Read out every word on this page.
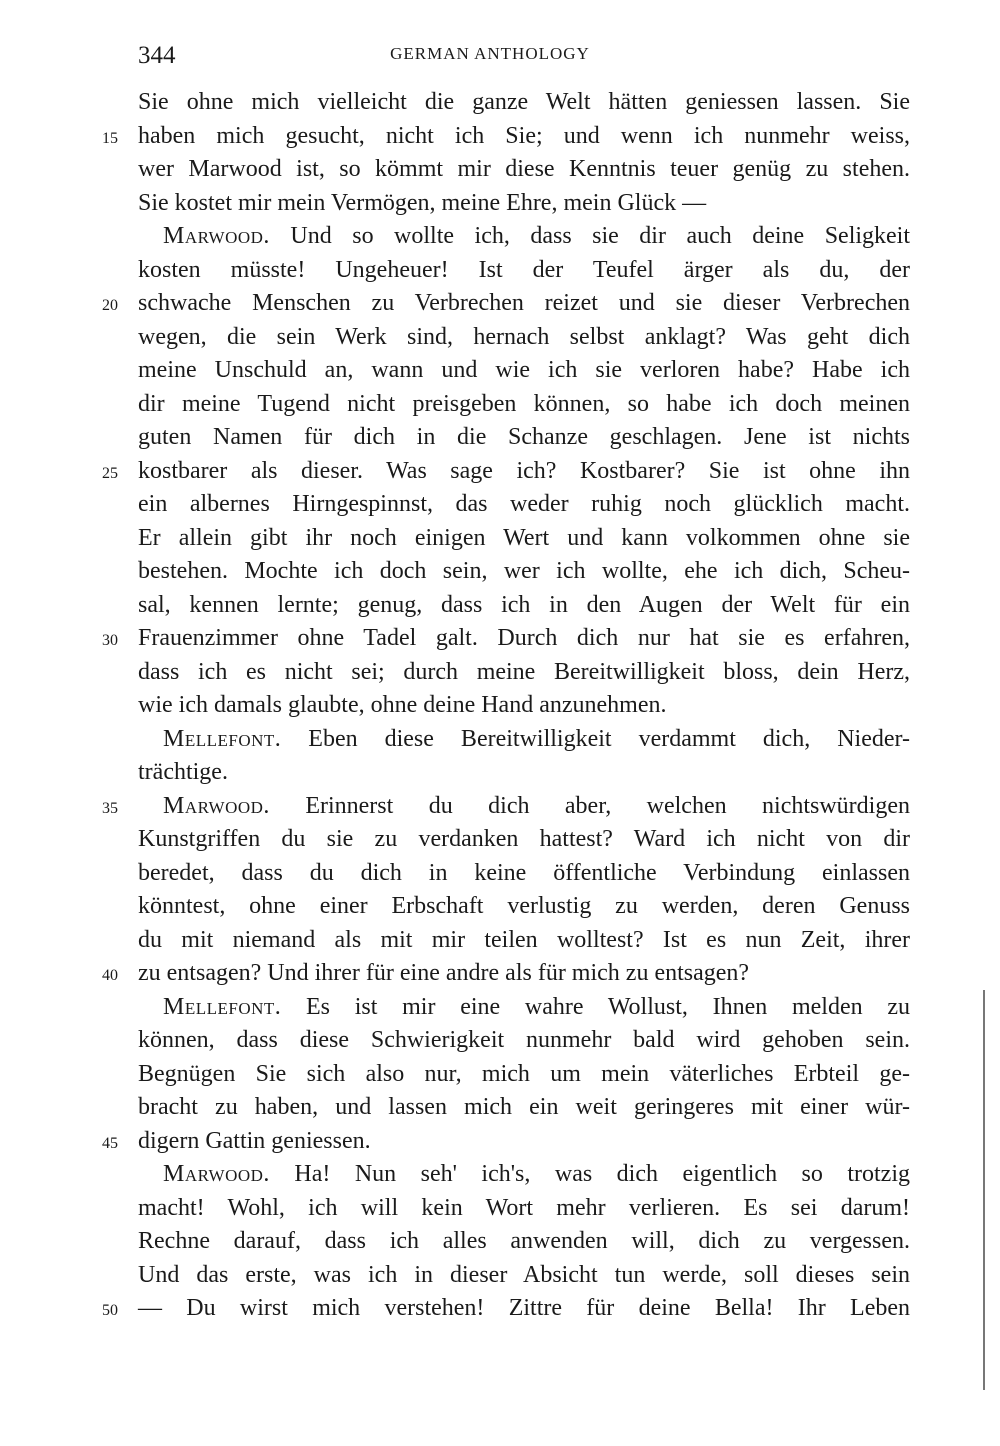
344	GERMAN ANTHOLOGY
Sie ohne mich vielleicht die ganze Welt hätten geniessen lassen. Sie
15 haben mich gesucht, nicht ich Sie; und wenn ich nunmehr weiss,
wer Marwood ist, so kömmt mir diese Kenntnis teuer genüg zu stehen.
Sie kostet mir mein Vermögen, meine Ehre, mein Glück —
Marwood. Und so wollte ich, dass sie dir auch deine Seligkeit
kosten müsste! Ungeheuer! Ist der Teufel ärger als du, der
20 schwache Menschen zu Verbrechen reizet und sie dieser Verbrechen
wegen, die sein Werk sind, hernach selbst anklagt? Was geht dich
meine Unschuld an, wann und wie ich sie verloren habe? Habe ich
dir meine Tugend nicht preisgeben können, so habe ich doch meinen
guten Namen für dich in die Schanze geschlagen. Jene ist nichts
25 kostbarer als dieser. Was sage ich? Kostbarer? Sie ist ohne ihn
ein albernes Hirngespinnst, das weder ruhig noch glücklich macht.
Er allein gibt ihr noch einigen Wert und kann volkommen ohne sie
bestehen. Mochte ich doch sein, wer ich wollte, ehe ich dich, Scheu-
sal, kennen lernte; genug, dass ich in den Augen der Welt für ein
30 Frauenzimmer ohne Tadel galt. Durch dich nur hat sie es erfahren,
dass ich es nicht sei; durch meine Bereitwilligkeit bloss, dein Herz,
wie ich damals glaubte, ohne deine Hand anzunehmen.
Mellefont. Eben diese Bereitwilligkeit verdammt dich, Nieder-
trächtige.
35 Marwood. Erinnerst du dich aber, welchen nichtswürdigen
Kunstgriffen du sie zu verdanken hattest? Ward ich nicht von dir
beredet, dass du dich in keine öffentliche Verbindung einlassen
könntest, ohne einer Erbschaft verlustig zu werden, deren Genuss
du mit niemand als mit mir teilen wolltest? Ist es nun Zeit, ihrer
40 zu entsagen? Und ihrer für eine andre als für mich zu entsagen?
Mellefont. Es ist mir eine wahre Wollust, Ihnen melden zu
können, dass diese Schwierigkeit nunmehr bald wird gehoben sein.
Begnügen Sie sich also nur, mich um mein väterliches Erbteil ge-
bracht zu haben, und lassen mich ein weit geringeres mit einer wür-
45 digern Gattin geniessen.
Marwood. Ha! Nun seh' ich's, was dich eigentlich so trotzig
macht! Wohl, ich will kein Wort mehr verlieren. Es sei darum!
Rechne darauf, dass ich alles anwenden will, dich zu vergessen.
Und das erste, was ich in dieser Absicht tun werde, soll dieses sein
50 — Du wirst mich verstehen! Zittre für deine Bella! Ihr Leben
